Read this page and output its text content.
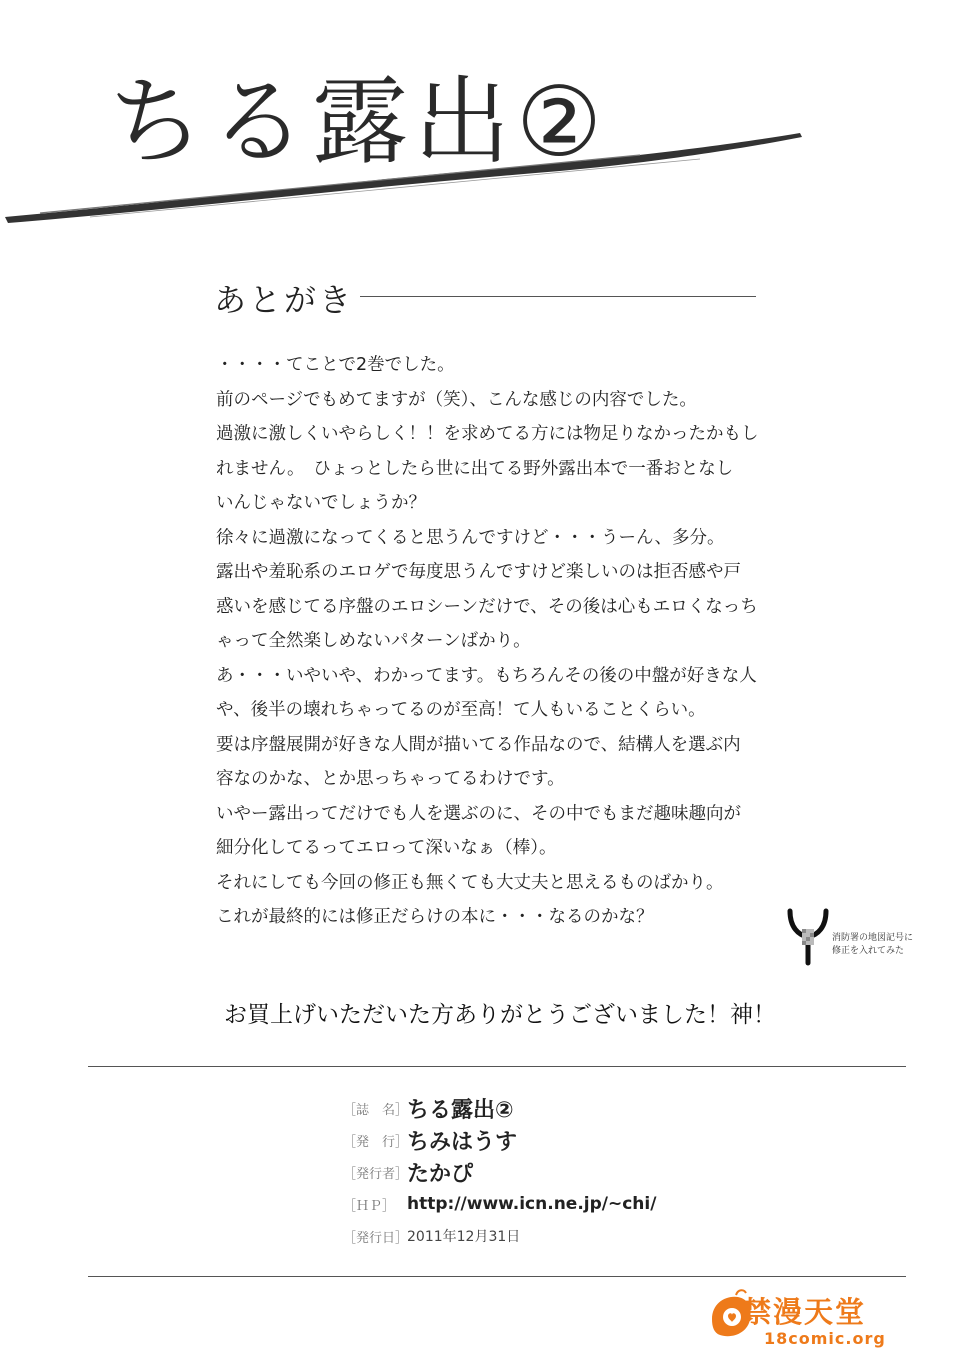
ちる露出②
あとがき
・・・・てことで2巻でした。
前のページでもめてますが（笑）、こんな感じの内容でした。
過激に激しくいやらしく！！を求めてる方には物足りなかったかもし
れません。　ひょっとしたら世に出てる野外露出本で一番おとなし
いんじゃないでしょうか？
徐々に過激になってくると思うんですけど・・・うーん、多分。
露出や羞恥系のエロゲで毎度思うんですけど楽しいのは拒否感や戸
惑いを感じてる序盤のエロシーンだけで、その後は心もエロくなっち
ゃって全然楽しめないパターンばかり。
あ・・・いやいや、わかってます。もちろんその後の中盤が好きな人
や、後半の壊れちゃってるのが至高！て人もいることくらい。
要は序盤展開が好きな人間が描いてる作品なので、結構人を選ぶ内
容なのかな、とか思っちゃってるわけです。
いやー露出ってだけでも人を選ぶのに、その中でもまだ趣味趣向が
細分化してるってエロって深いなぁ（棒）。
それにしても今回の修正も無くても大丈夫と思えるものばかり。
これが最終的には修正だらけの本に・・・なるのかな？
消防署の地図記号に
修正を入れてみた
お買上げいただいた方ありがとうございました！神！
［誌　名］
ちる露出②
［発　行］
ちみはうす
［発行者］
たかぴ
［ＨＰ］ http://www.icn.ne.jp/~chi/
［発行日］
2011年12月31日
禁漫天堂
18comic.org
